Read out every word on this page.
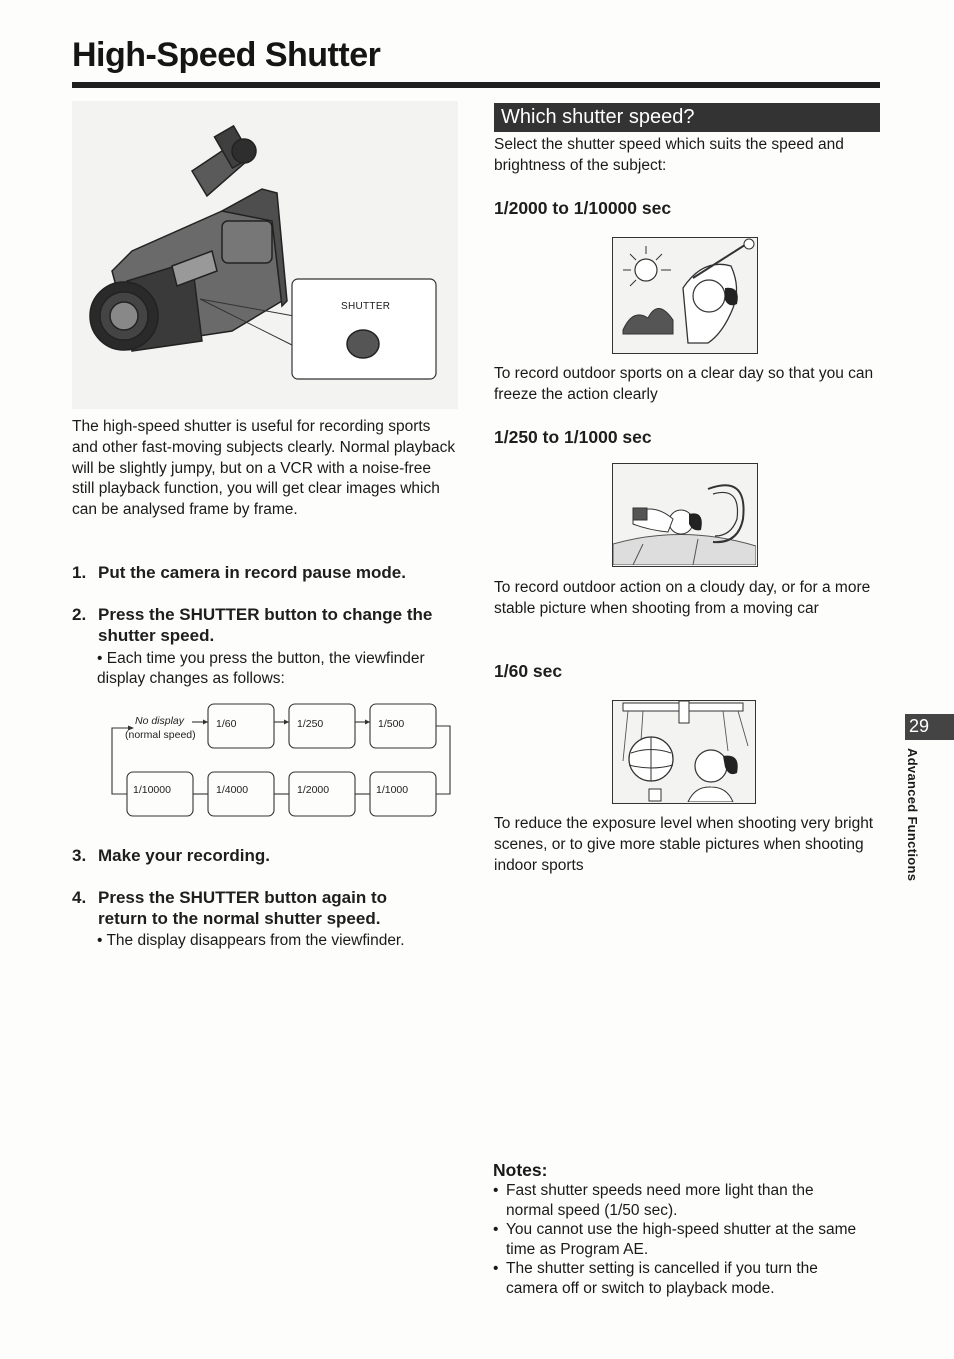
High-Speed Shutter
SHUTTER

The high-speed shutter is useful for recording sports and other fast-moving subjects clearly. Normal playback will be slightly jumpy, but on a VCR with a noise-free still playback function, you will get clear images which can be analysed frame by frame.

1. Put the camera in record pause mode.
2. Press the SHUTTER button to change the shutter speed.
• Each time you press the button, the viewfinder display changes as follows:
No display
(normal speed)
1/60	1/250	1/500
1/10000	1/4000	1/2000	1/1000
3. Make your recording.
4. Press the SHUTTER button again to return to the normal shutter speed.
• The display disappears from the viewfinder.
Which shutter speed?

Select the shutter speed which suits the speed and brightness of the subject:

1/2000 to 1/10000 sec

To record outdoor sports on a clear day so that you can freeze the action clearly

1/250 to 1/1000 sec

To record outdoor action on a cloudy day, or for a more stable picture when shooting from a moving car

1/60 sec

To reduce the exposure level when shooting very bright scenes, or to give more stable pictures when shooting indoor sports

Notes:
• Fast shutter speeds need more light than the normal speed (1/50 sec).
• You cannot use the high-speed shutter at the same time as Program AE.
• The shutter setting is cancelled if you turn the camera off or switch to playback mode.
29
Advanced Functions
